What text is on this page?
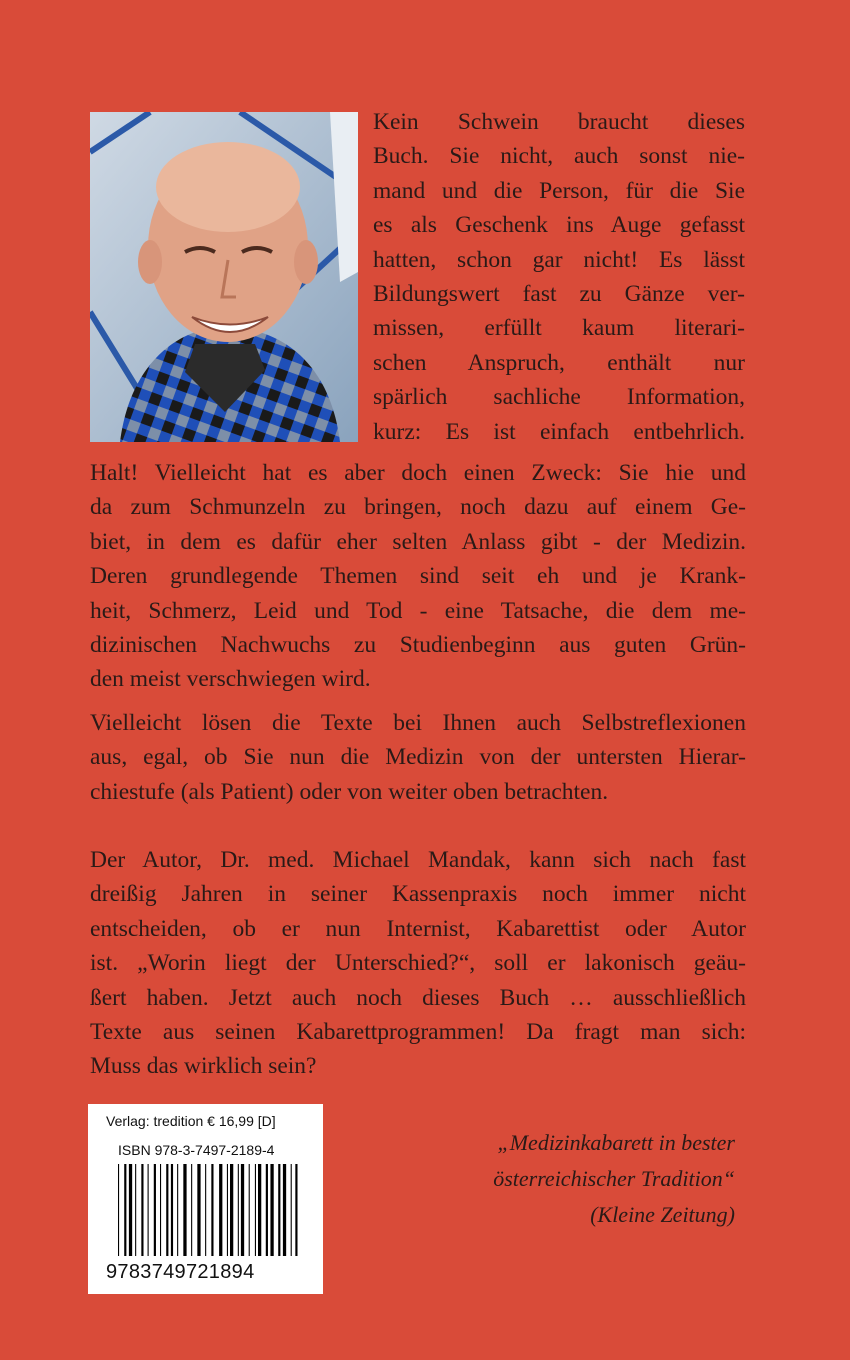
Kein Schwein braucht dieses
Buch. Sie nicht, auch sonst nie-
mand und die Person, für die Sie
es als Geschenk ins Auge gefasst
hatten, schon gar nicht! Es lässt
Bildungswert fast zu Gänze ver-
missen, erfüllt kaum literari-
schen Anspruch, enthält nur
spärlich sachliche Information,
kurz: Es ist einfach entbehrlich.
Halt! Vielleicht hat es aber doch einen Zweck: Sie hie und
da zum Schmunzeln zu bringen, noch dazu auf einem Ge-
biet, in dem es dafür eher selten Anlass gibt - der Medizin.
Deren grundlegende Themen sind seit eh und je Krank-
heit, Schmerz, Leid und Tod - eine Tatsache, die dem me-
dizinischen Nachwuchs zu Studienbeginn aus guten Grün-
den meist verschwiegen wird.
Vielleicht lösen die Texte bei Ihnen auch Selbstreflexionen
aus, egal, ob Sie nun die Medizin von der untersten Hierar-
chiestufe (als Patient) oder von weiter oben betrachten.
Der Autor, Dr. med. Michael Mandak, kann sich nach fast
dreißig Jahren in seiner Kassenpraxis noch immer nicht
entscheiden, ob er nun Internist, Kabarettist oder Autor
ist. „Worin liegt der Unterschied?“, soll er lakonisch geäu-
ßert haben. Jetzt auch noch dieses Buch … ausschließlich
Texte aus seinen Kabarettprogrammen! Da fragt man sich:
Muss das wirklich sein?
Verlag: tredition € 16,99 [D]
ISBN 978-3-7497-2189-4
9783749721894
„Medizinkabarett in bester
österreichischer Tradition“
(Kleine Zeitung)
